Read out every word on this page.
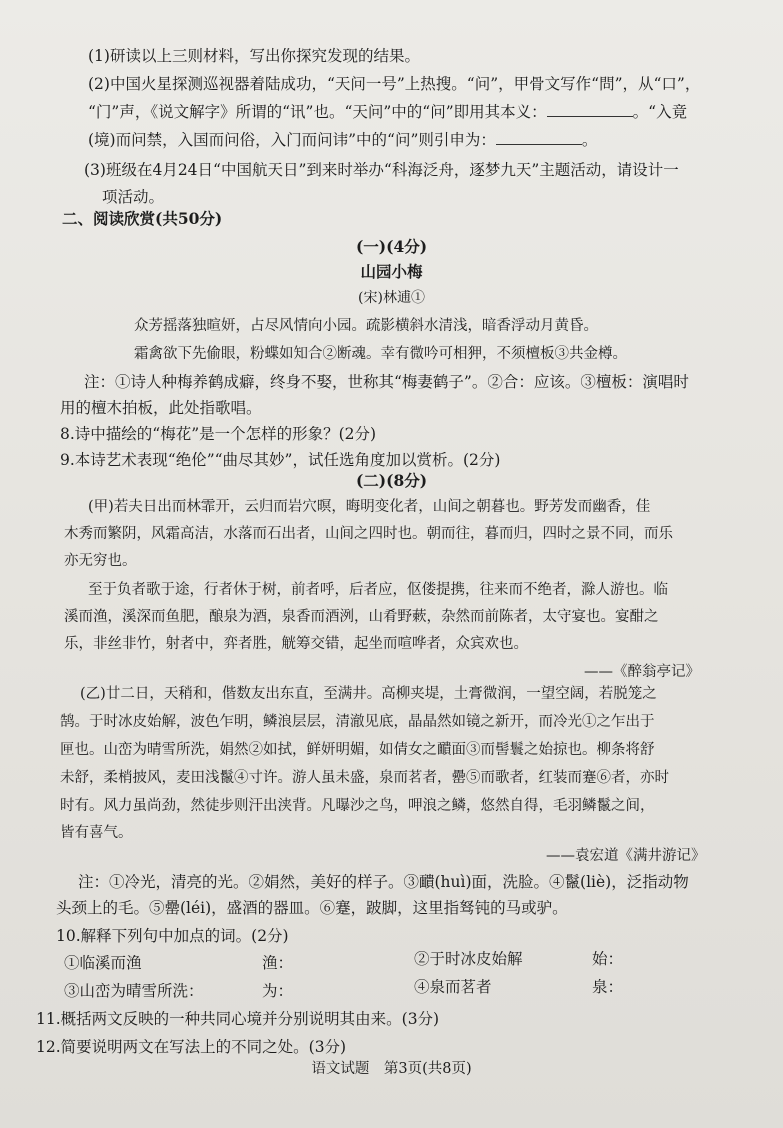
(1)研读以上三则材料，写出你探究发现的结果。
(2)中国火星探测巡视器着陆成功，“天问一号”上热搜。“问”，甲骨文写作“問”，从“口”，
“门”声，《说文解字》所谓的“讯”也。“天问”中的“问”即用其本义：	。“入竟
(境)而问禁，入国而问俗，入门而问讳”中的“问”则引申为：	。
(3)班级在4月24日“中国航天日”到来时举办“科海泛舟，逐梦九天”主题活动，请设计一
项活动。
二、阅读欣赏(共50分)
(一)(4分)
山园小梅
(宋)林逋①
众芳摇落独暄妍，占尽风情向小园。疏影横斜水清浅，暗香浮动月黄昏。
霜禽欲下先偷眼，粉蝶如知合②断魂。幸有微吟可相狎，不须檀板③共金樽。
注：①诗人种梅养鹤成癖，终身不娶，世称其“梅妻鹤子”。②合：应该。③檀板：演唱时
用的檀木拍板，此处指歌唱。
8.诗中描绘的“梅花”是一个怎样的形象？(2分)
9.本诗艺术表现“绝伦”“曲尽其妙”，试任选角度加以赏析。(2分)
(二)(8分)
(甲)若夫日出而林霏开，云归而岩穴暝，晦明变化者，山间之朝暮也。野芳发而幽香，佳
木秀而繁阴，风霜高洁，水落而石出者，山间之四时也。朝而往，暮而归，四时之景不同，而乐
亦无穷也。
至于负者歌于途，行者休于树，前者呼，后者应，伛偻提携，往来而不绝者，滁人游也。临
溪而渔，溪深而鱼肥，酿泉为酒，泉香而酒洌，山肴野蔌，杂然而前陈者，太守宴也。宴酣之
乐，非丝非竹，射者中，弈者胜，觥筹交错，起坐而喧哗者，众宾欢也。
——《醉翁亭记》
(乙)廿二日，天稍和，偕数友出东直，至满井。高柳夹堤，土膏微润，一望空阔，若脱笼之
鹄。于时冰皮始解，波色乍明，鳞浪层层，清澈见底，晶晶然如镜之新开，而冷光①之乍出于
匣也。山峦为晴雪所洗，娟然②如拭，鲜妍明媚，如倩女之靧面③而髻鬟之始掠也。柳条将舒
未舒，柔梢披风，麦田浅鬣④寸许。游人虽未盛，泉而茗者，罍⑤而歌者，红装而蹇⑥者，亦时
时有。风力虽尚劲，然徒步则汗出浃背。凡曝沙之鸟，呷浪之鳞，悠然自得，毛羽鳞鬣之间，
皆有喜气。
——袁宏道《满井游记》
注：①冷光，清亮的光。②娟然，美好的样子。③靧(huì)面，洗脸。④鬣(liè)，泛指动物
头颈上的毛。⑤罍(léi)，盛酒的器皿。⑥蹇，跛脚，这里指驽钝的马或驴。
10.解释下列句中加点的词。(2分)
①临溪而渔	渔：	②于时冰皮始解	始：
③山峦为晴雪所洗：	为：	④泉而茗者	泉：
11.概括两文反映的一种共同心境并分别说明其由来。(3分)
12.简要说明两文在写法上的不同之处。(3分)
语文试题　第3页(共8页)
